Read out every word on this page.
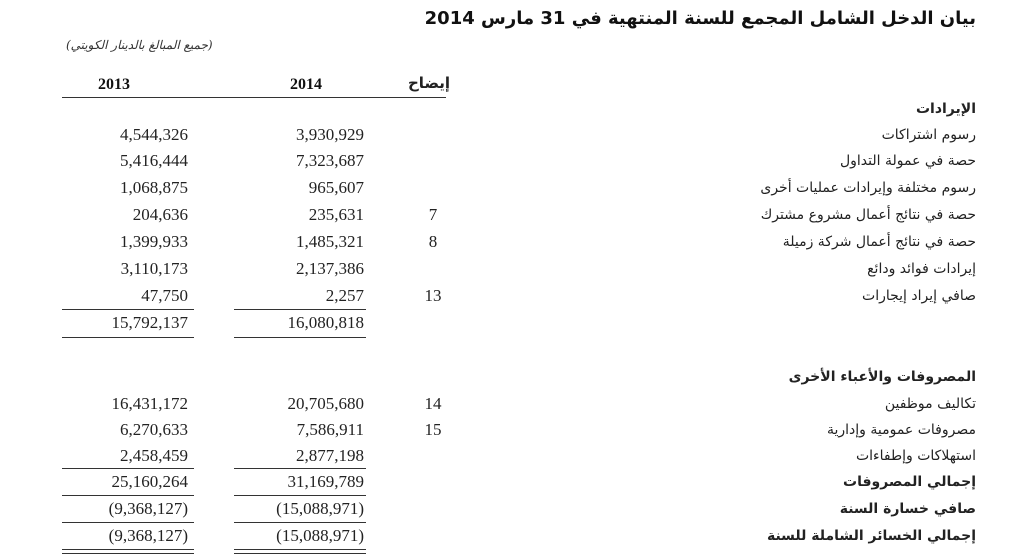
بيان الدخل الشامل المجمع للسنة المنتهية في 31 مارس 2014
(جميع المبالغ بالدينار الكويتي)
2013	2014	إيضاح
الإيرادات
4,544,326	3,930,929	رسوم اشتراكات
5,416,444	7,323,687	حصة في عمولة التداول
1,068,875	965,607	رسوم مختلفة وإيرادات عمليات أخرى
204,636	235,631	7	حصة في نتائج أعمال مشروع مشترك
1,399,933	1,485,321	8	حصة في نتائج أعمال شركة زميلة
3,110,173	2,137,386	إيرادات فوائد ودائع
47,750	2,257	13	صافي إيراد إيجارات
15,792,137	16,080,818
المصروفات والأعباء الأخرى
16,431,172	20,705,680	14	تكاليف موظفين
6,270,633	7,586,911	15	مصروفات عمومية وإدارية
2,458,459	2,877,198	استهلاكات وإطفاءات
25,160,264	31,169,789	إجمالي المصروفات
(9,368,127)	(15,088,971)	صافي خسارة السنة
(9,368,127)	(15,088,971)	إجمالي الخسائر الشاملة للسنة
